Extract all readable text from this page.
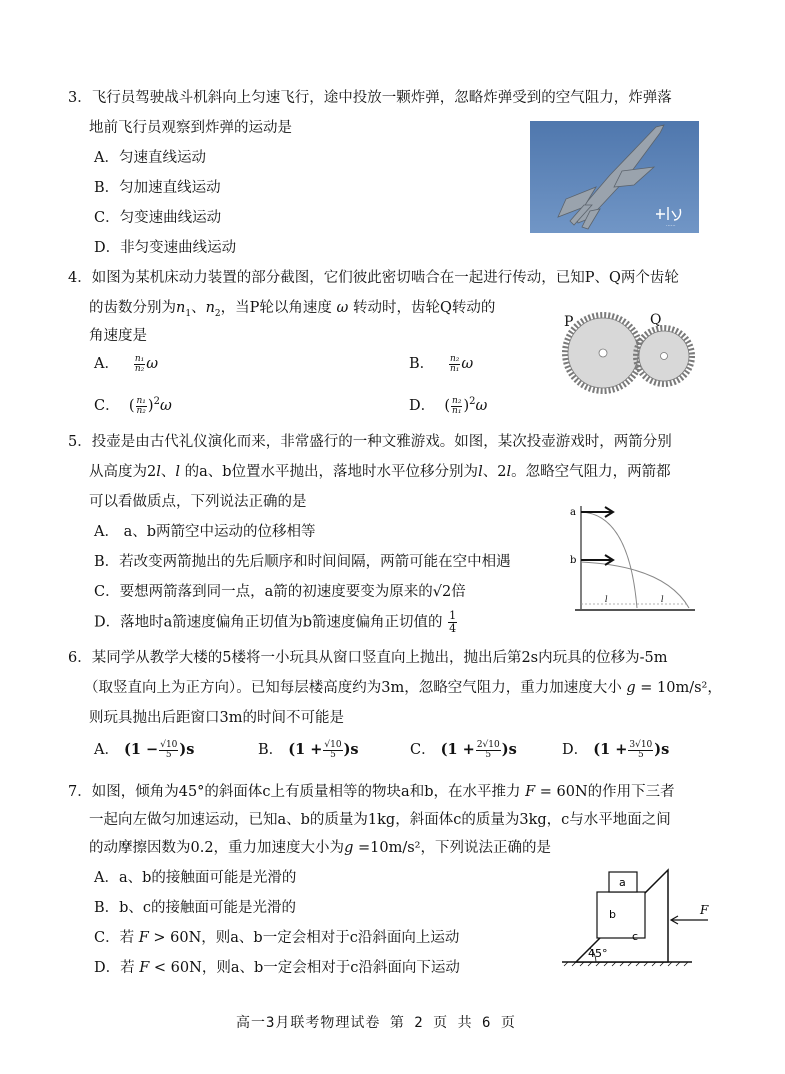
3．飞行员驾驶战斗机斜向上匀速飞行，途中投放一颗炸弹，忽略炸弹受到的空气阻力，炸弹落
地前飞行员观察到炸弹的运动是
A．匀速直线运动
B．匀加速直线运动
C．匀变速曲线运动
D．非匀变速曲线运动
······
4．如图为某机床动力装置的部分截图，它们彼此密切啮合在一起进行传动，已知P、Q两个齿轮
的齿数分别为$n_1$、$n_2$，当P轮以角速度 ω 转动时，齿轮Q转动的
角速度是
A． $\frac{\text{n₁}}{\text{n₂}}$ ω	B． $\frac{\text{n₂}}{\text{n₁}}$ ω
C． ( $\frac{\text{n₁}}{\text{n₂}} )^2\omega$	D． ( $\frac{\text{n₂}}{\text{n₁}} )^2\omega$
P	Q
5．投壶是由古代礼仪演化而来，非常盛行的一种文雅游戏。如图，某次投壶游戏时，两箭分别
从高度为2l、l 的a、b位置水平抛出，落地时水平位移分别为l、2l。忽略空气阻力，两箭都
可以看做质点，下列说法正确的是
A． a、b两箭空中运动的位移相等
B．若改变两箭抛出的先后顺序和时间间隔，两箭可能在空中相遇
C．要想两箭落到同一点，a箭的初速度要变为原来的√2倍
D．落地时a箭速度偏角正切值为b箭速度偏角正切值的 $\frac{1}{4}$
a
b
l	l
6．某同学从教学大楼的5楼将一小玩具从窗口竖直向上抛出，抛出后第2s内玩具的位移为-5m
（取竖直向上为正方向）。已知每层楼高度约为3m，忽略空气阻力，重力加速度大小 g = 10m/s²，
则玩具抛出后距窗口3m的时间不可能是
A． $(1 - \frac{√10}{5} )s$	B． $(1 + \frac{√10}{5} )s$	C． $(1 + \frac{2√10}{5} )s$	D． $(1 + \frac{3√10}{5} )s$
7．如图，倾角为45°的斜面体c上有质量相等的物块a和b，在水平推力 F = 60N的作用下三者
一起向左做匀加速运动，已知a、b的质量为1kg，斜面体c的质量为3kg，c与水平地面之间
的动摩擦因数为0.2，重力加速度大小为g =10m/s²，下列说法正确的是
A．a、b的接触面可能是光滑的
B．b、c的接触面可能是光滑的
C．若 F > 60N，则a、b一定会相对于c沿斜面向上运动
D．若 F < 60N，则a、b一定会相对于c沿斜面向下运动
a
b
c
45°
F
高一3月联考物理试卷 第 2 页 共 6 页
